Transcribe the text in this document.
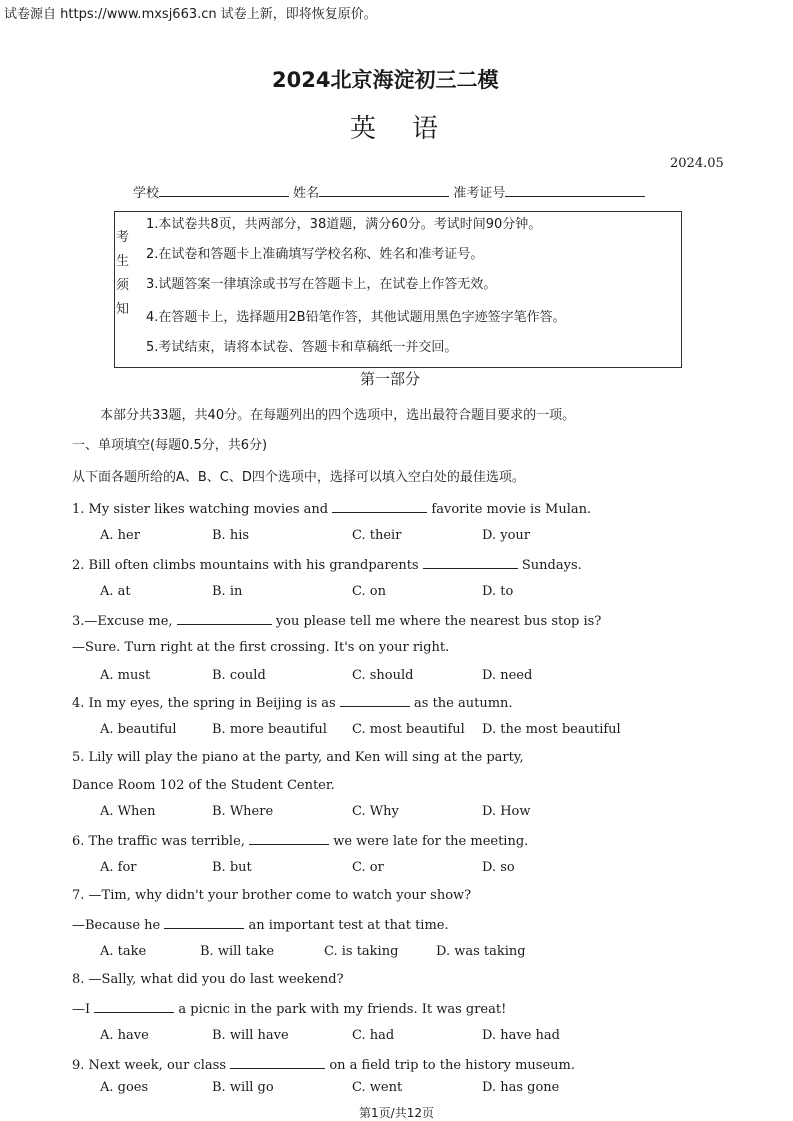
试卷源自 https://www.mxsj663.cn 试卷上新，即将恢复原价。
2024北京海淀初三二模
英 语
2024.05
学校	姓名	准考证号
考
生
须
知
1.本试卷共8页，共两部分，38道题，满分60分。考试时间90分钟。
2.在试卷和答题卡上准确填写学校名称、姓名和准考证号。
3.试题答案一律填涂或书写在答题卡上，在试卷上作答无效。
4.在答题卡上，选择题用2B铅笔作答，其他试题用黑色字迹签字笔作答。
5.考试结束，请将本试卷、答题卡和草稿纸一并交回。
第一部分
本部分共33题，共40分。在每题列出的四个选项中，选出最符合题目要求的一项。
一、单项填空(每题0.5分，共6分)
从下面各题所给的A、B、C、D四个选项中，选择可以填入空白处的最佳选项。
1. My sister likes watching movies and	favorite movie is Mulan.
A. her	B. his	C. their	D. your
2. Bill often climbs mountains with his grandparents	Sundays.
A. at	B. in	C. on	D. to
3.—Excuse me,	you please tell me where the nearest bus stop is?
—Sure. Turn right at the first crossing. It's on your right.
A. must	B. could	C. should	D. need
4. In my eyes, the spring in Beijing is as	as the autumn.
A. beautiful	B. more beautiful C. most beautiful D. the most beautiful
5. Lily will play the piano at the party, and Ken will sing at the party,
Dance Room 102 of the Student Center.
A. When	B. Where	C. Why	D. How
6. The traffic was terrible,	we were late for the meeting.
A. for	B. but	C. or	D. so
7. —Tim, why didn't your brother come to watch your show?
—Because he	an important test at that time.
A. take	B. will take	C. is taking	D. was taking
8. —Sally, what did you do last weekend?
—I	a picnic in the park with my friends. It was great!
A. have	B. will have	C. had	D. have had
9. Next week, our class	on a field trip to the history museum.
A. goes	B. will go	C. went	D. has gone
第1页/共12页
